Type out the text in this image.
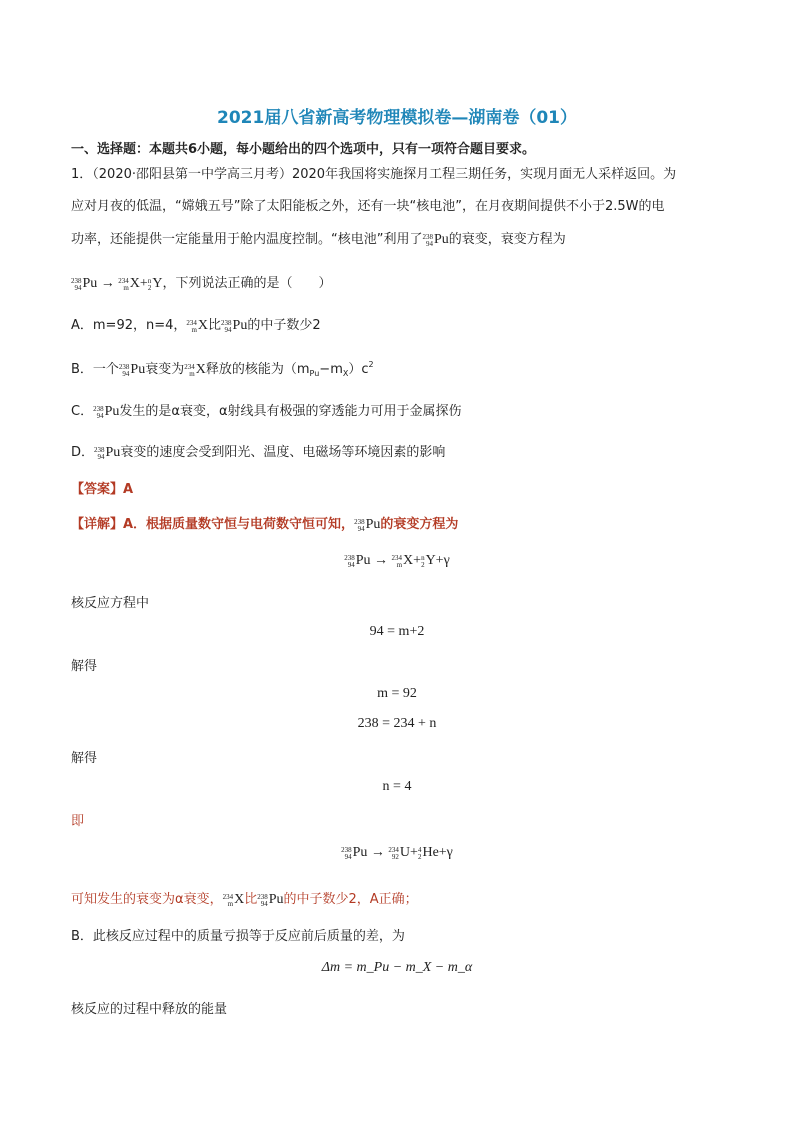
2021届八省新高考物理模拟卷—湖南卷（01）
一、选择题：本题共6小题，每小题给出的四个选项中，只有一项符合题目要求。
1．（2020·邵阳县第一中学高三月考）2020年我国将实施探月工程三期任务，实现月面无人采样返回。为
应对月夜的低温，“嫦娥五号”除了太阳能板之外，还有一块“核电池”，在月夜期间提供不小于2.5W的电
功率，还能提供一定能量用于舱内温度控制。“核电池”利用了 238
94 Pu的衰变，衰变方程为
238
94 Pu → 234
m X+ n
2 Y，下列说法正确的是（　　）
A．m=92，n=4， 234
m X比 238
94 Pu的中子数少2
B．一个 238
94 Pu衰变为 234
m X释放的核能为$(m_{Pu}-m_X)c^2$
C． 238
94 Pu发生的是α衰变，α射线具有极强的穿透能力可用于金属探伤
D． 238
94 Pu衰变的速度会受到阳光、温度、电磁场等环境因素的影响
【答案】A
【详解】A．根据质量数守恒与电荷数守恒可知， 238
94 Pu的衰变方程为
238
94 Pu → 234
m X+ n
2 Y+γ
核反应方程中
94 = m+2
解得
m = 92
238 = 234 + n
解得
n = 4
即
238
94 Pu → 234
92 U+ 4
2 He+γ
可知发生的衰变为α衰变， 234
m X比 238
94 Pu的中子数少2，A正确；
B．此核反应过程中的质量亏损等于反应前后质量的差，为
Δm = m_Pu − m_X − m_α
核反应的过程中释放的能量
